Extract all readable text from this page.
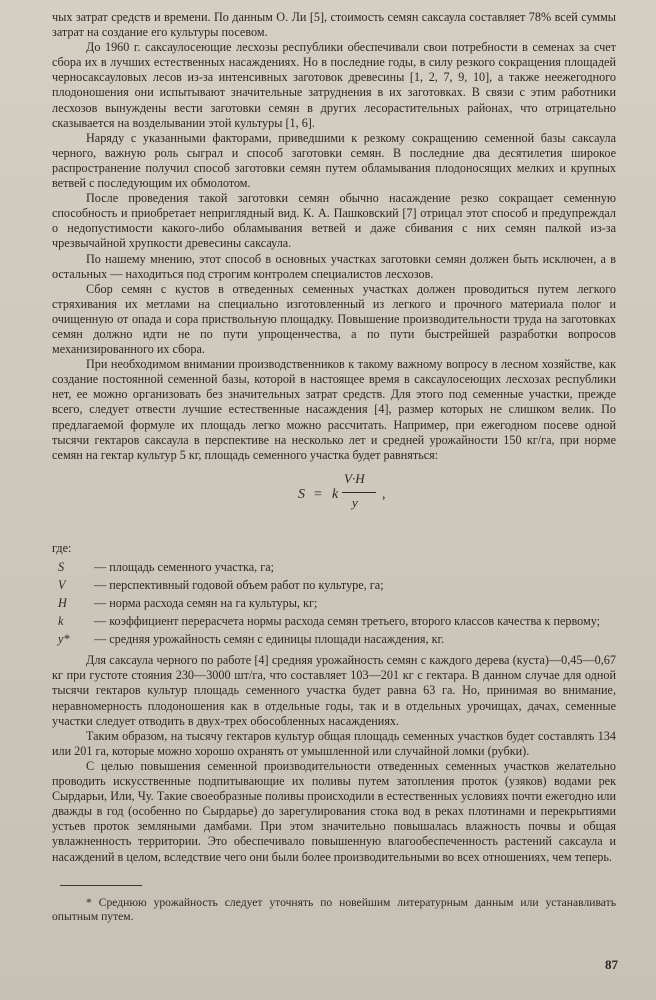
чых затрат средств и времени. По данным О. Ли [5], стоимость семян саксаула составляет 78% всей суммы затрат на создание его культуры посевом.

До 1960 г. саксаулосеющие лесхозы республики обеспечивали свои потребности в семенах за счет сбора их в лучших естественных насаждениях. Но в последние годы, в силу резкого сокращения площадей черносаксауловых лесов из-за интенсивных заготовок древесины [1, 2, 7, 9, 10], а также неежегодного плодоношения они испытывают значительные затруднения в их заготовках. В связи с этим работники лесхозов вынуждены вести заготовки семян в других лесорастительных районах, что отрицательно сказывается на возделывании этой культуры [1, 6].

Наряду с указанными факторами, приведшими к резкому сокращению семенной базы саксаула черного, важную роль сыграл и способ заготовки семян. В последние два десятилетия широкое распространение получил способ заготовки семян путем обламывания плодоносящих мелких и крупных ветвей с последующим их обмолотом.

После проведения такой заготовки семян обычно насаждение резко сокращает семенную способность и приобретает неприглядный вид. К. А. Пашковский [7] отрицал этот способ и предупреждал о недопустимости какого-либо обламывания ветвей и даже сбивания с них семян палкой из-за чрезвычайной хрупкости древесины саксаула.

По нашему мнению, этот способ в основных участках заготовки семян должен быть исключен, а в остальных — находиться под строгим контролем специалистов лесхозов.

Сбор семян с кустов в отведенных семенных участках должен проводиться путем легкого стряхивания их метлами на специально изготовленный из легкого и прочного материала полог и очищенную от опада и сора приствольную площадку. Повышение производительности труда на заготовках семян должно идти не по пути упрощенчества, а по пути быстрейшей разработки вопросов механизированного их сбора.

При необходимом внимании производственников к такому важному вопросу в лесном хозяйстве, как создание постоянной семенной базы, которой в настоящее время в саксаулосеющих лесхозах республики нет, ее можно организовать без значительных затрат средств. Для этого под семенные участки, прежде всего, следует отвести лучшие естественные насаждения [4], размер которых не слишком велик. По предлагаемой формуле их площадь легко можно рассчитать. Например, при ежегодном посеве одной тысячи гектаров саксаула в перспективе на несколько лет и средней урожайности 150 кг/га, при норме семян на гектар культур 5 кг, площадь семенного участка будет равняться:

S = k
V·H
y
,
где:
S	— площадь семенного участка, га;
V	— перспективный годовой объем работ по культуре, га;
H	— норма расхода семян на га культуры, кг;
k	— коэффициент перерасчета нормы расхода семян третьего, второго классов качества к первому;
y*	— средняя урожайность семян с единицы площади насаждения, кг.

Для саксаула черного по работе [4] средняя урожайность семян с каждого дерева (куста)—0,45—0,67 кг при густоте стояния 230—3000 шт/га, что составляет 103—201 кг с гектара. В данном случае для одной тысячи гектаров культур площадь семенного участка будет равна 63 га. Но, принимая во внимание, неравномерность плодоношения как в отдельные годы, так и в отдельных урочищах, дачах, семенные участки следует отводить в двух-трех обособленных насаждениях.

Таким образом, на тысячу гектаров культур общая площадь семенных участков будет составлять 134 или 201 га, которые можно хорошо охранять от умышленной или случайной ломки (рубки).

С целью повышения семенной производительности отведенных семенных участков желательно проводить искусственные подпитывающие их поливы путем затопления проток (узяков) водами рек Сырдарьи, Или, Чу. Такие своеобразные поливы происходили в естественных условиях почти ежегодно или дважды в год (особенно по Сырдарье) до зарегулирования стока вод в реках плотинами и перекрытиями устьев проток земляными дамбами. При этом значительно повышалась влажность почвы и общая увлажненность территории. Это обеспечивало повышенную влагообеспеченность растений саксаула и насаждений в целом, вследствие чего они были более производительными во всех отношениях, чем теперь.

* Среднюю урожайность следует уточнять по новейшим литературным данным или устанавливать опытным путем.

87
